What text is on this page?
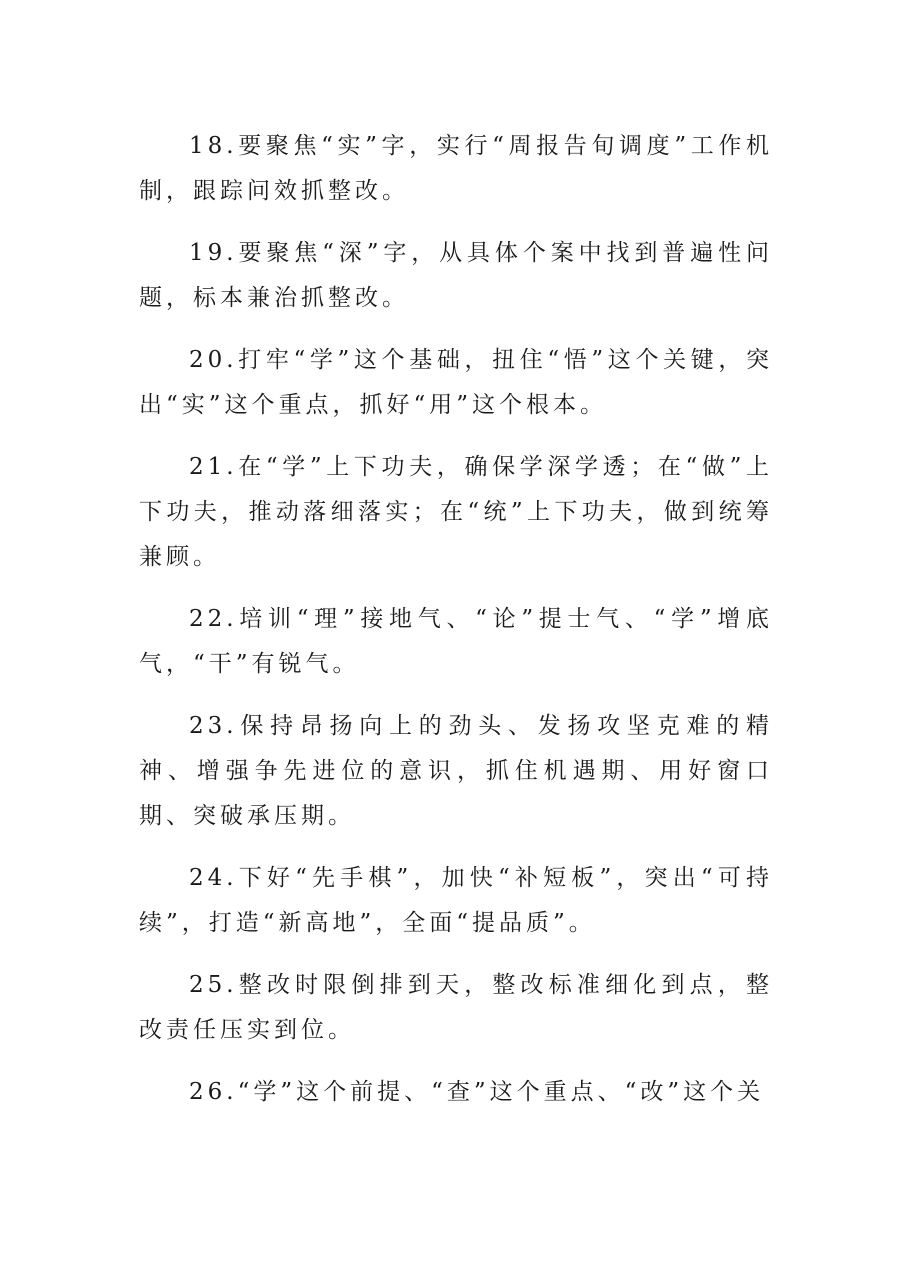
18.要聚焦“实”字，实行“周报告旬调度”工作机制，跟踪问效抓整改。

19.要聚焦“深”字，从具体个案中找到普遍性问题，标本兼治抓整改。

20.打牢“学”这个基础，扭住“悟”这个关键，突出“实”这个重点，抓好“用”这个根本。

21.在“学”上下功夫，确保学深学透；在“做”上下功夫，推动落细落实；在“统”上下功夫，做到统筹兼顾。

22.培训“理”接地气、“论”提士气、“学”增底气，“干”有锐气。

23.保持昂扬向上的劲头、发扬攻坚克难的精神、增强争先进位的意识，抓住机遇期、用好窗口期、突破承压期。

24.下好“先手棋”，加快“补短板”，突出“可持续”，打造“新高地”，全面“提品质”。

25.整改时限倒排到天，整改标准细化到点，整改责任压实到位。

26.“学”这个前提、“查”这个重点、“改”这个关
